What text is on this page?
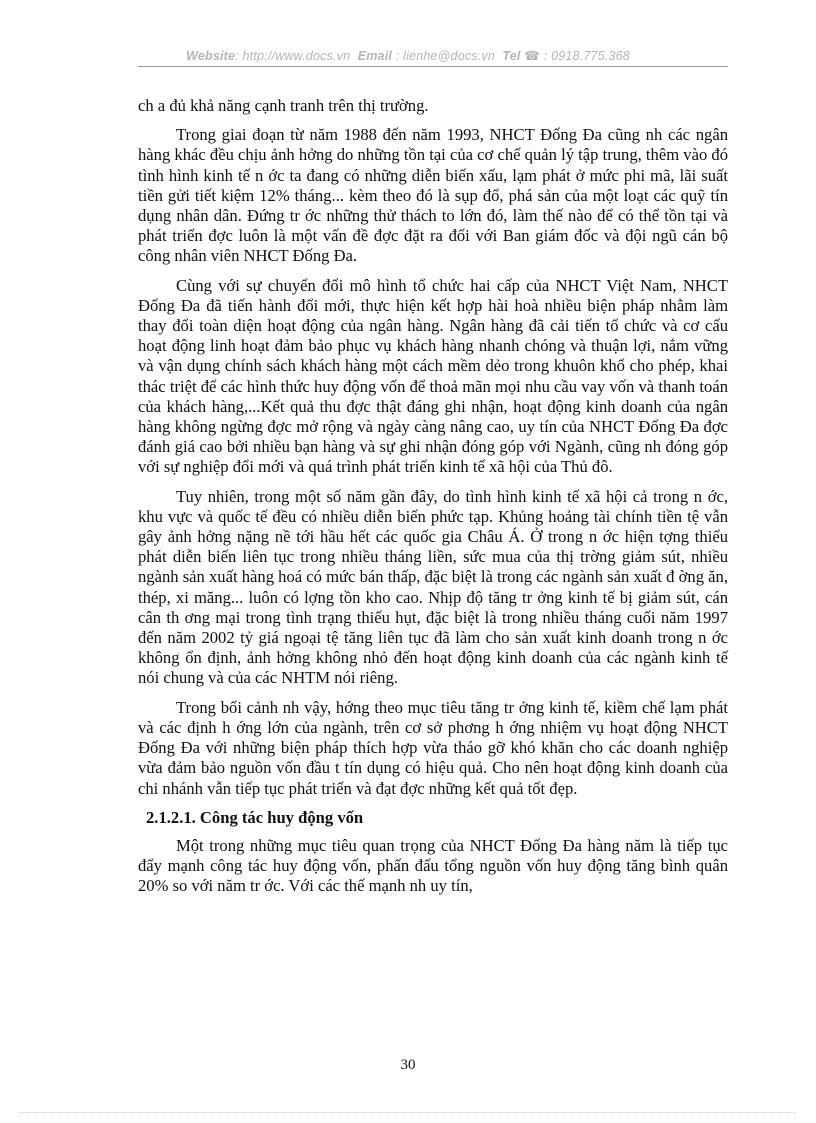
Website: http://www.docs.vn Email : lienhe@docs.vn Tel ☎ : 0918.775.368

ch a đủ khả năng cạnh tranh trên thị trường.

Trong giai đoạn từ năm 1988 đến năm 1993, NHCT Đống Đa cũng nh các ngân hàng khác đều chịu ảnh hởng do những tồn tại của cơ chế quản lý tập trung, thêm vào đó tình hình kinh tế n ớc ta đang có những diễn biến xấu, lạm phát ở mức phi mã, lãi suất tiền gửi tiết kiệm 12% tháng... kèm theo đó là sụp đổ, phá sản của một loạt các quỹ tín dụng nhân dân. Đứng tr ớc những thử thách to lớn đó, làm thế nào để có thể tồn tại và phát triển đợc luôn là một vấn đề đợc đặt ra đối với Ban giám đốc và đội ngũ cán bộ công nhân viên NHCT Đống Đa.

Cùng với sự chuyển đổi mô hình tổ chức hai cấp của NHCT Việt Nam, NHCT Đống Đa đã tiến hành đổi mới, thực hiện kết hợp hài hoà nhiều biện pháp nhằm làm thay đổi toàn diện hoạt động của ngân hàng. Ngân hàng đã cải tiến tổ chức và cơ cấu hoạt động linh hoạt đảm bảo phục vụ khách hàng nhanh chóng và thuận lợi, nắm vững và vận dụng chính sách khách hàng một cách mềm dẻo trong khuôn khổ cho phép, khai thác triệt để các hình thức huy động vốn để thoả mãn mọi nhu cầu vay vốn và thanh toán của khách hàng,...Kết quả thu đợc thật đáng ghi nhận, hoạt động kinh doanh của ngân hàng không ngừng đợc mở rộng và ngày càng nâng cao, uy tín của NHCT Đống Đa đợc đánh giá cao bởi nhiều bạn hàng và sự ghi nhận đóng góp với Ngành, cũng nh đóng góp với sự nghiệp đổi mới và quá trình phát triển kinh tế xã hội của Thủ đô.

Tuy nhiên, trong một số năm gần đây, do tình hình kinh tế xã hội cả trong n ớc, khu vực và quốc tế đều có nhiều diễn biến phức tạp. Khủng hoảng tài chính tiền tệ vẫn gây ảnh hởng nặng nề tới hầu hết các quốc gia Châu Á. Ở trong n ớc hiện tợng thiểu phát diễn biến liên tục trong nhiều tháng liền, sức mua của thị trờng giảm sút, nhiều ngành sản xuất hàng hoá có mức bán thấp, đặc biệt là trong các ngành sản xuất đ ờng ăn, thép, xi măng... luôn có lợng tồn kho cao. Nhịp độ tăng tr ởng kinh tế bị giảm sút, cán cân th ơng mại trong tình trạng thiếu hụt, đặc biệt là trong nhiều tháng cuối năm 1997 đến năm 2002 tỷ giá ngoại tệ tăng liên tục đã làm cho sản xuất kinh doanh trong n ớc không ổn định, ảnh hởng không nhỏ đến hoạt động kinh doanh của các ngành kinh tế nói chung và của các NHTM nói riêng.

Trong bối cảnh nh vậy, hớng theo mục tiêu tăng tr ởng kinh tế, kiềm chế lạm phát và các định h ớng lớn của ngành, trên cơ sở phơng h ớng nhiệm vụ hoạt động NHCT Đống Đa với những biện pháp thích hợp vừa tháo gỡ khó khăn cho các doanh nghiệp vừa đảm bảo nguồn vốn đầu t tín dụng có hiệu quả. Cho nên hoạt động kinh doanh của chi nhánh vẫn tiếp tục phát triển và đạt đợc những kết quả tốt đẹp.

2.1.2.1. Công tác huy động vốn

Một trong những mục tiêu quan trọng của NHCT Đống Đa hàng năm là tiếp tục đẩy mạnh công tác huy động vốn, phấn đấu tổng nguồn vốn huy động tăng bình quân 20% so với năm tr ớc. Với các thế mạnh nh uy tín,

30
